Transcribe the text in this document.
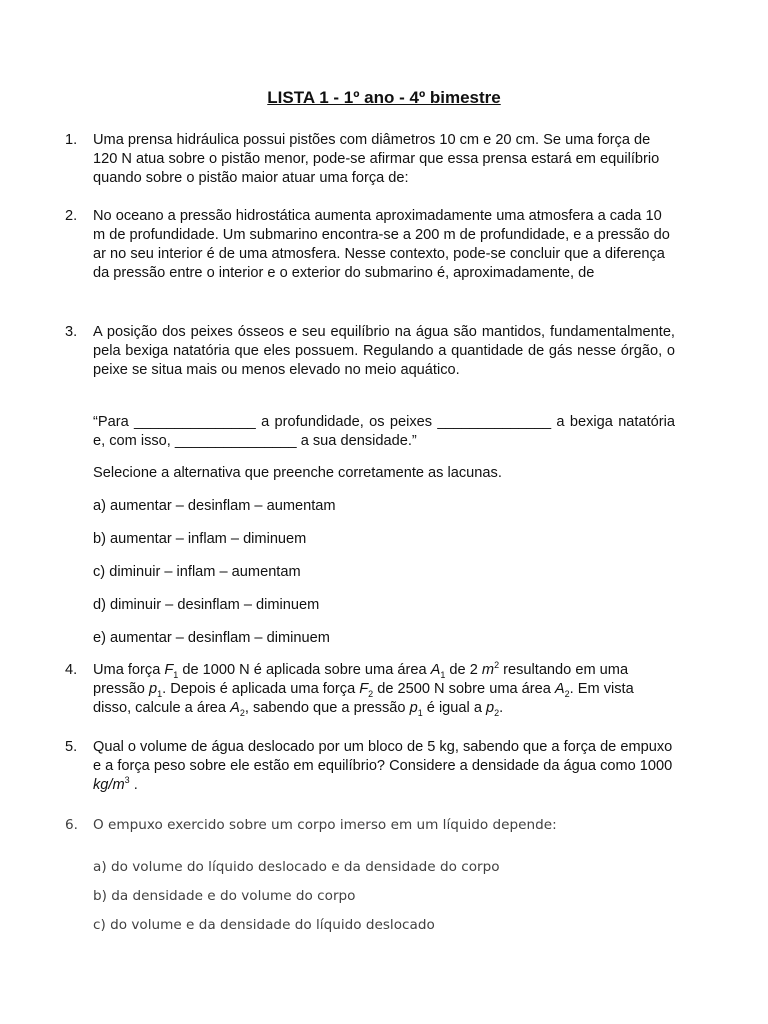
LISTA 1 - 1º ano - 4º bimestre
1.	Uma prensa hidráulica possui pistões com diâmetros 10 cm e 20 cm. Se uma força de 120 N atua sobre o pistão menor, pode-se afirmar que essa prensa estará em equilíbrio quando sobre o pistão maior atuar uma força de:
2.	No oceano a pressão hidrostática aumenta aproximadamente uma atmosfera a cada 10 m de profundidade. Um submarino encontra-se a 200 m de profundidade, e a pressão do ar no seu interior é de uma atmosfera. Nesse contexto, pode-se concluir que a diferença da pressão entre o interior e o exterior do submarino é, aproximadamente, de
3.	A posição dos peixes ósseos e seu equilíbrio na água são mantidos, fundamentalmente, pela bexiga natatória que eles possuem. Regulando a quantidade de gás nesse órgão, o peixe se situa mais ou menos elevado no meio aquático.
“Para _______________ a profundidade, os peixes ______________ a bexiga natatória e, com isso, _______________ a sua densidade.”
Selecione a alternativa que preenche corretamente as lacunas.
a) aumentar – desinflam – aumentam
b) aumentar – inflam – diminuem
c) diminuir – inflam – aumentam
d) diminuir – desinflam – diminuem
e) aumentar – desinflam – diminuem
4.	Uma força $F_1$ de 1000 N é aplicada sobre uma área $A_1$ de 2 $m^2$ resultando em uma pressão $p_1$. Depois é aplicada uma força $F_2$ de 2500 N sobre uma área $A_2$. Em vista disso, calcule a área $A_2$, sabendo que a pressão $p_1$ é igual a $p_2$.
5.	Qual o volume de água deslocado por um bloco de 5 kg, sabendo que a força de empuxo e a força peso sobre ele estão em equilíbrio? Considere a densidade da água como 1000 $kg/m^3$ .
6.	O empuxo exercido sobre um corpo imerso em um líquido depende:
a) do volume do líquido deslocado e da densidade do corpo
b) da densidade e do volume do corpo
c) do volume e da densidade do líquido deslocado
